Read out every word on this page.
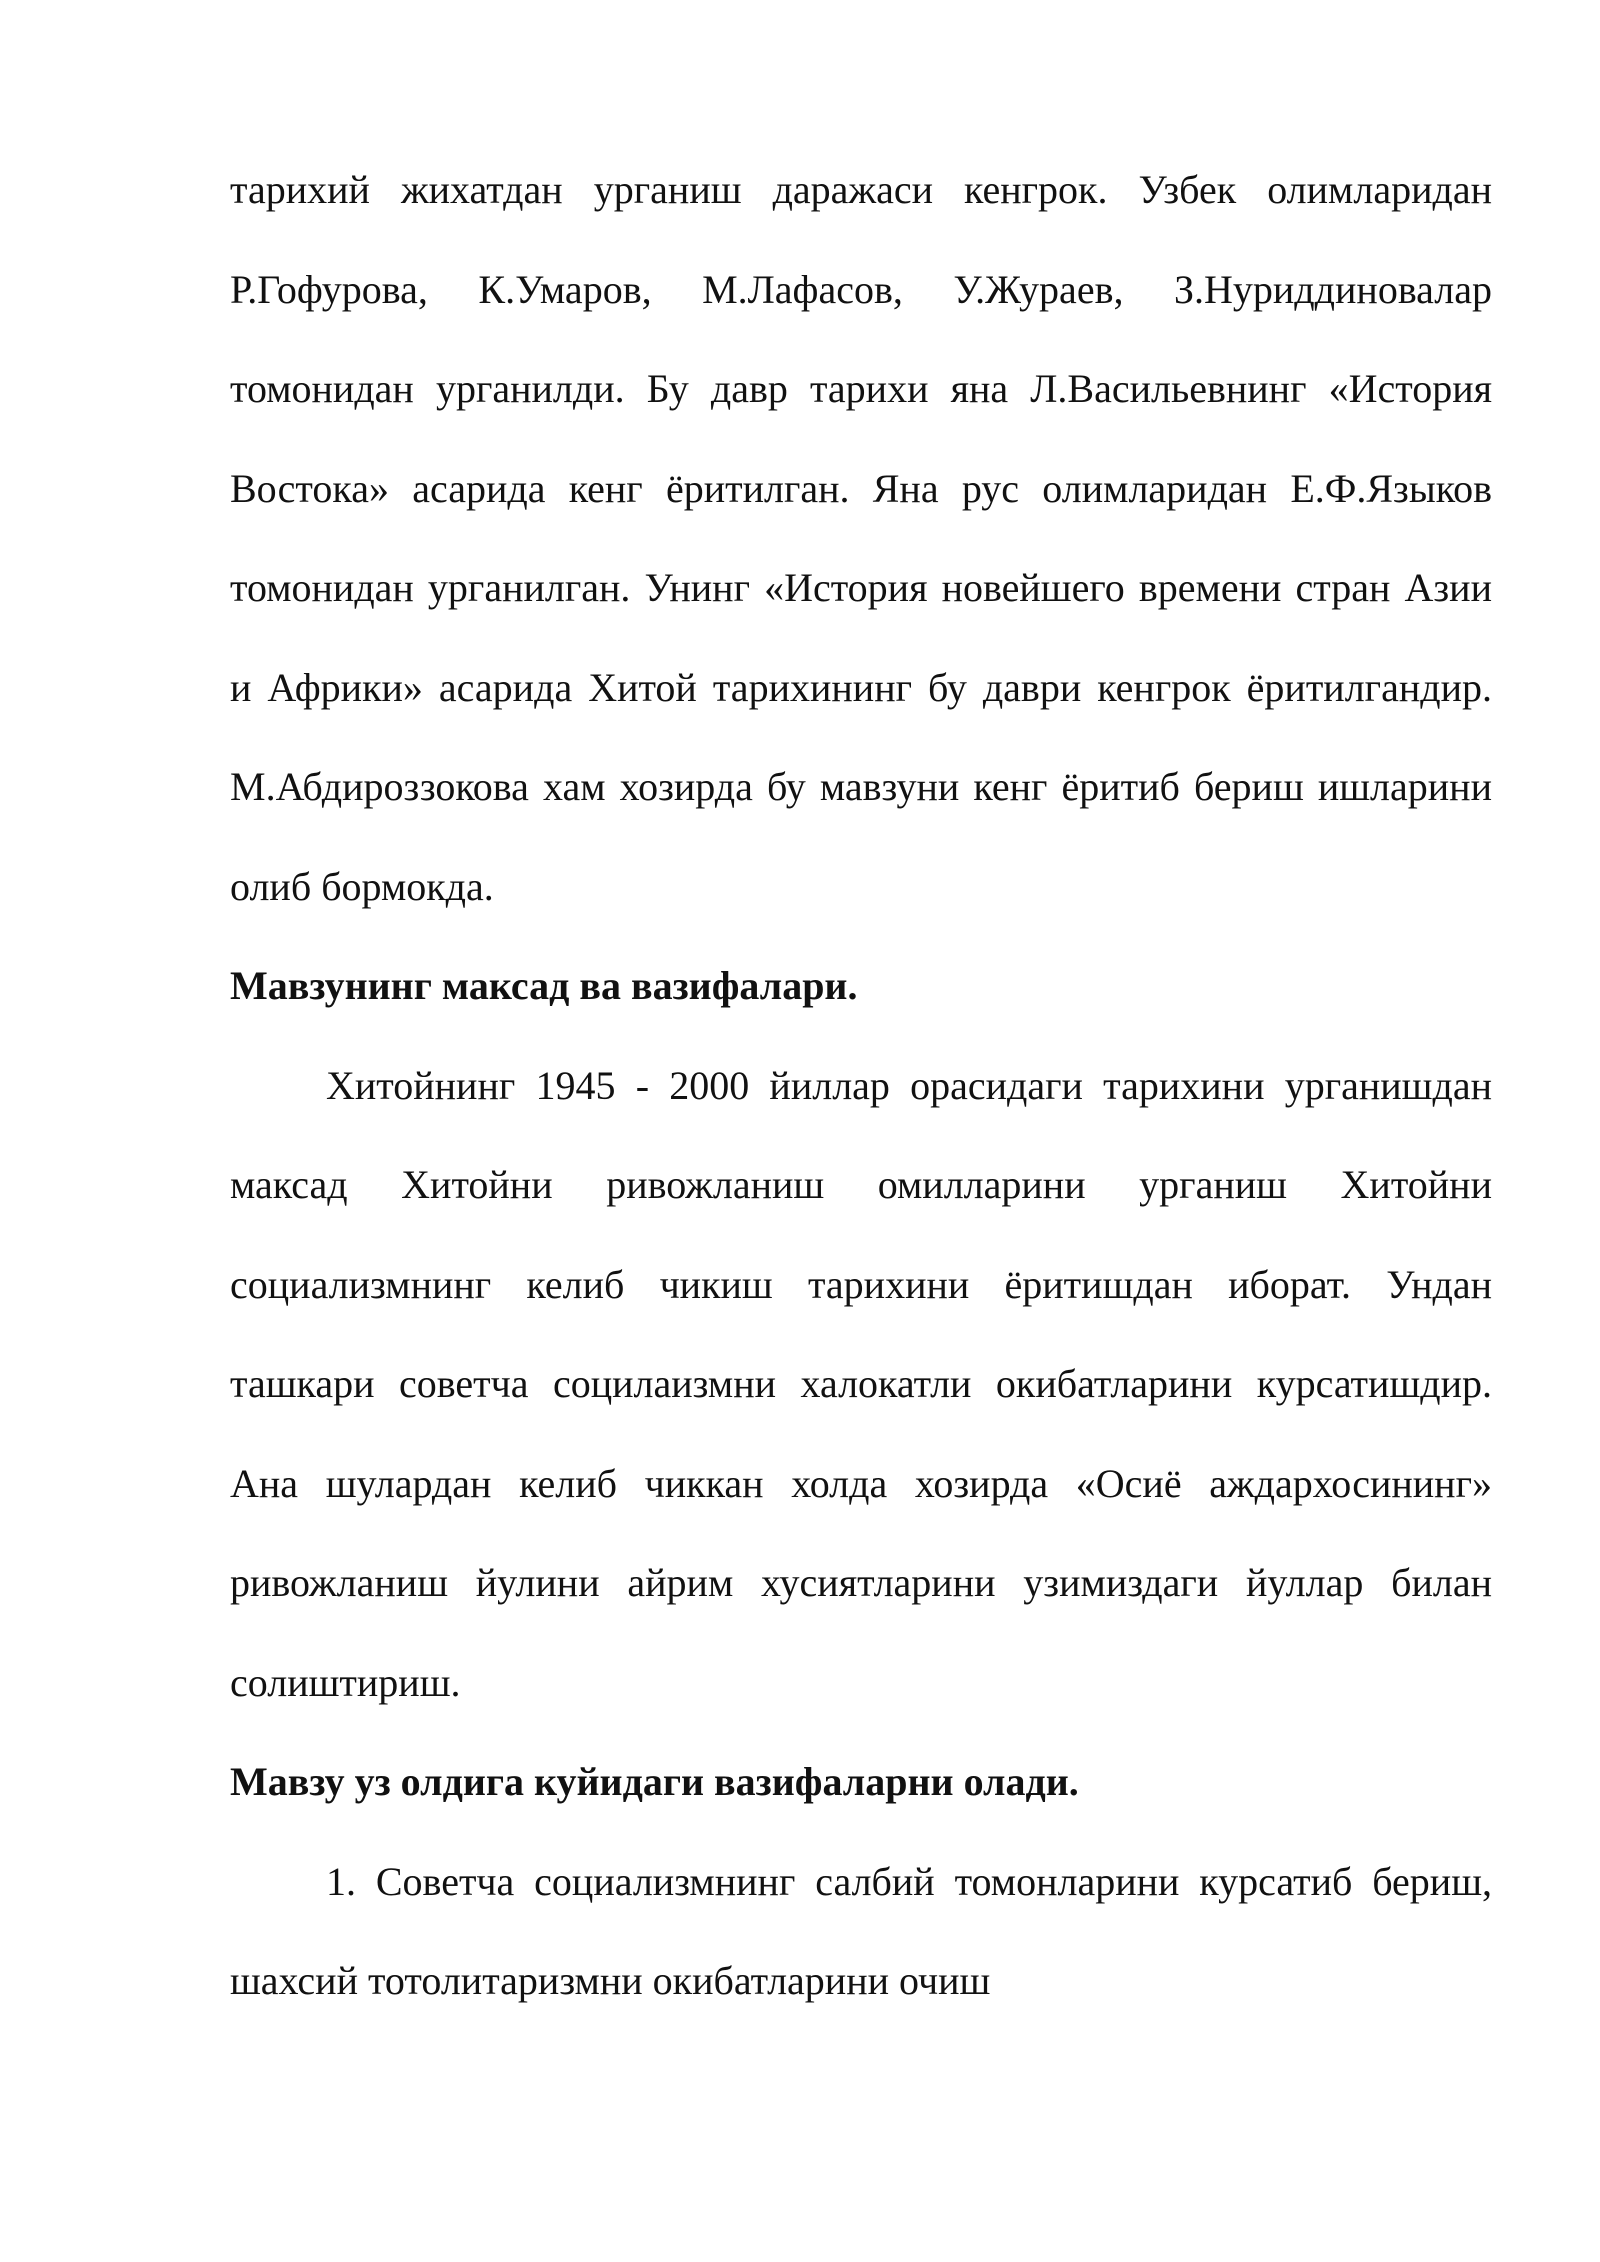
тарихий жихатдан урганиш даражаси кенгрок. Узбек олимларидан Р.Гофурова, К.Умаров, М.Лафасов, У.Жураев, З.Нуриддиновалар томонидан урганилди. Бу давр тарихи яна Л.Васильевнинг «История Востока» асарида кенг ёритилган. Яна рус олимларидан Е.Ф.Языков томонидан урганилган. Унинг «История новейшего времени стран Азии и Африки» асарида Хитой тарихининг бу даври кенгрок ёритилгандир. М.Абдироззокова хам хозирда бу мавзуни кенг ёритиб бериш ишларини олиб бормокда.

Мавзунинг максад ва вазифалари.

Хитойнинг 1945 - 2000 йиллар орасидаги тарихини урганишдан максад Хитойни ривожланиш омилларини урганиш Хитойни социализмнинг келиб чикиш тарихини ёритишдан иборат. Ундан ташкари советча социлаизмни халокатли окибатларини курсатишдир. Ана шулардан келиб чиккан холда хозирда «Осиё аждархосининг» ривожланиш йулини айрим хусиятларини узимиздаги йуллар билан солиштириш.

Мавзу уз олдига куйидаги вазифаларни олади.

1. Советча социализмнинг салбий томонларини курсатиб бериш, шахсий тотолитаризмни окибатларини очиш
